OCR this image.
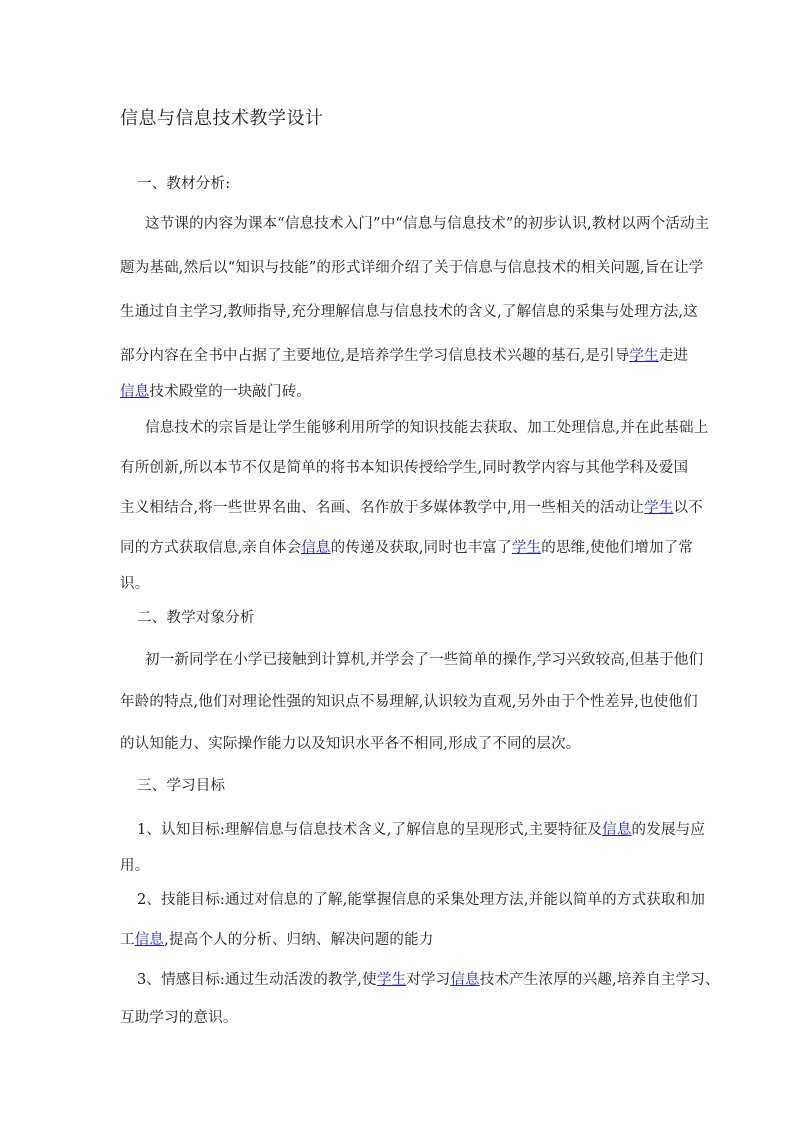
信息与信息技术教学设计
一、教材分析:
这节课的内容为课本“信息技术入门”中“信息与信息技术”的初步认识,教材以两个活动主
题为基础,然后以“知识与技能”的形式详细介绍了关于信息与信息技术的相关问题,旨在让学
生通过自主学习,教师指导,充分理解信息与信息技术的含义,了解信息的采集与处理方法,这
部分内容在全书中占据了主要地位,是培养学生学习信息技术兴趣的基石,是引导学生走进
信息技术殿堂的一块敲门砖。
信息技术的宗旨是让学生能够利用所学的知识技能去获取、加工处理信息,并在此基础上
有所创新,所以本节不仅是简单的将书本知识传授给学生,同时教学内容与其他学科及爱国
主义相结合,将一些世界名曲、名画、名作放于多媒体教学中,用一些相关的活动让学生以不
同的方式获取信息,亲自体会信息的传递及获取,同时也丰富了学生的思维,使他们增加了常
识。
二、教学对象分析
初一新同学在小学已接触到计算机,并学会了一些简单的操作,学习兴致较高,但基于他们
年龄的特点,他们对理论性强的知识点不易理解,认识较为直观,另外由于个性差异,也使他们
的认知能力、实际操作能力以及知识水平各不相同,形成了不同的层次。
三、学习目标
1、认知目标:理解信息与信息技术含义,了解信息的呈现形式,主要特征及信息的发展与应
用。
2、技能目标:通过对信息的了解,能掌握信息的采集处理方法,并能以简单的方式获取和加
工信息,提高个人的分析、归纳、解决问题的能力
3、情感目标:通过生动活泼的教学,使学生对学习信息技术产生浓厚的兴趣,培养自主学习、
互助学习的意识。
